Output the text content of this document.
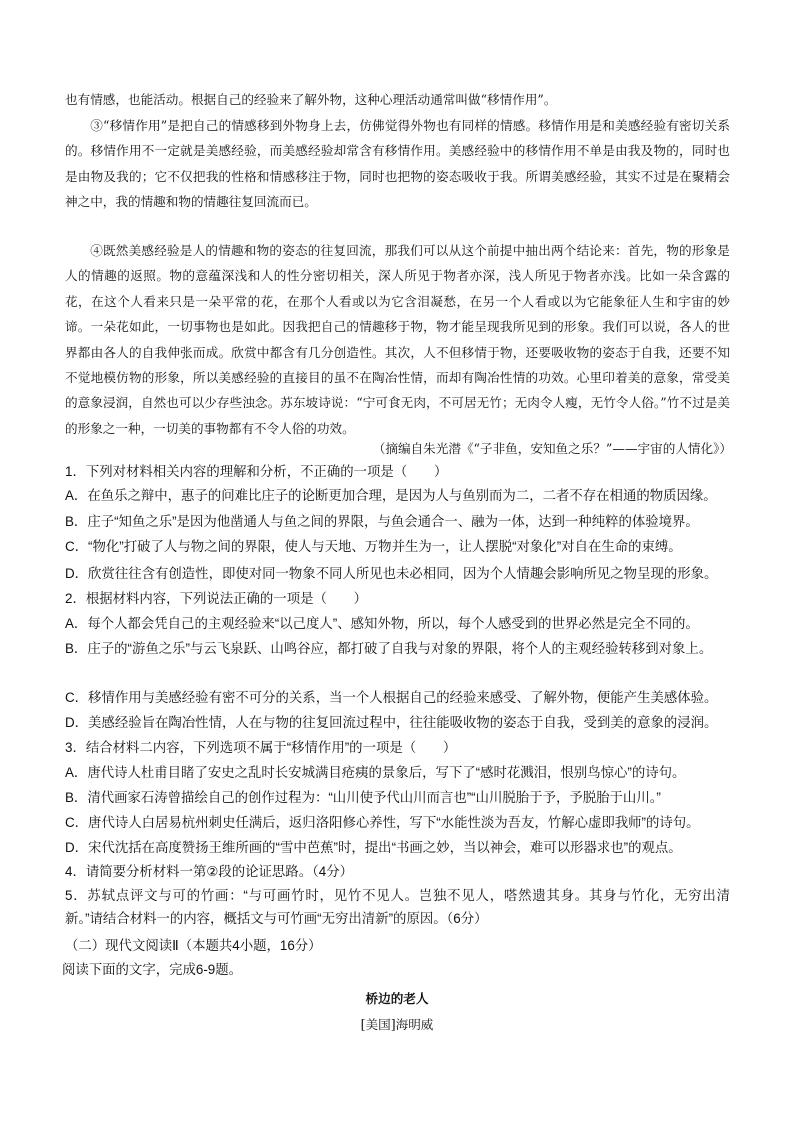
也有情感，也能活动。根据自己的经验来了解外物，这种心理活动通常叫做“移情作用”。

③“移情作用”是把自己的情感移到外物身上去，仿佛觉得外物也有同样的情感。移情作用是和美感经验有密切关系的。移情作用不一定就是美感经验，而美感经验却常含有移情作用。美感经验中的移情作用不单是由我及物的，同时也是由物及我的；它不仅把我的性格和情感移注于物，同时也把物的姿态吸收于我。所谓美感经验，其实不过是在聚精会神之中，我的情趣和物的情趣往复回流而已。

④既然美感经验是人的情趣和物的姿态的往复回流，那我们可以从这个前提中抽出两个结论来：首先，物的形象是人的情趣的返照。物的意蕴深浅和人的性分密切相关，深人所见于物者亦深，浅人所见于物者亦浅。比如一朵含露的花，在这个人看来只是一朵平常的花，在那个人看或以为它含泪凝愁，在另一个人看或以为它能象征人生和宇宙的妙谛。一朵花如此，一切事物也是如此。因我把自己的情趣移于物，物才能呈现我所见到的形象。我们可以说，各人的世界都由各人的自我伸张而成。欣赏中都含有几分创造性。其次，人不但移情于物，还要吸收物的姿态于自我，还要不知不觉地模仿物的形象，所以美感经验的直接目的虽不在陶冶性情，而却有陶冶性情的功效。心里印着美的意象，常受美的意象浸润，自然也可以少存些浊念。苏东坡诗说：“宁可食无肉，不可居无竹；无肉令人瘦，无竹令人俗。”竹不过是美的形象之一种，一切美的事物都有不令人俗的功效。

（摘编自朱光潜《“子非鱼，安知鱼之乐？”——宇宙的人情化》）

1．下列对材料相关内容的理解和分析，不正确的一项是（　　）

A．在鱼乐之辩中，惠子的问难比庄子的论断更加合理，是因为人与鱼别而为二，二者不存在相通的物质因缘。

B．庄子“知鱼之乐”是因为他凿通人与鱼之间的界限，与鱼会通合一、融为一体，达到一种纯粹的体验境界。

C．“物化”打破了人与物之间的界限，使人与天地、万物并生为一，让人摆脱“对象化”对自在生命的束缚。

D．欣赏往往含有创造性，即使对同一物象不同人所见也未必相同，因为个人情趣会影响所见之物呈现的形象。

2．根据材料内容，下列说法正确的一项是（　　）

A．每个人都会凭自己的主观经验来“以己度人”、感知外物，所以，每个人感受到的世界必然是完全不同的。

B．庄子的“游鱼之乐”与云飞泉跃、山鸣谷应，都打破了自我与对象的界限，将个人的主观经验转移到对象上。

C．移情作用与美感经验有密不可分的关系，当一个人根据自己的经验来感受、了解外物，便能产生美感体验。

D．美感经验旨在陶冶性情，人在与物的往复回流过程中，往往能吸收物的姿态于自我，受到美的意象的浸润。

3．结合材料二内容，下列选项不属于“移情作用”的一项是（　　）

A．唐代诗人杜甫目睹了安史之乱时长安城满目疮痍的景象后，写下了“感时花溅泪，恨别鸟惊心”的诗句。

B．清代画家石涛曾描绘自己的创作过程为：“山川使予代山川而言也”“山川脱胎于予，予脱胎于山川。”

C．唐代诗人白居易杭州刺史任满后，返归洛阳修心养性，写下“水能性淡为吾友，竹解心虚即我师”的诗句。

D．宋代沈括在高度赞扬王维所画的“雪中芭蕉”时，提出“书画之妙，当以神会，难可以形器求也”的观点。

4．请简要分析材料一第②段的论证思路。（4分）

5．苏轼点评文与可的竹画：“与可画竹时，见竹不见人。岂独不见人，嗒然遗其身。其身与竹化，无穷出清新。”请结合材料一的内容，概括文与可竹画“无穷出清新”的原因。（6分）

（二）现代文阅读Ⅱ（本题共4小题，16分）

阅读下面的文字，完成6-9题。

桥边的老人
[美国]海明威
